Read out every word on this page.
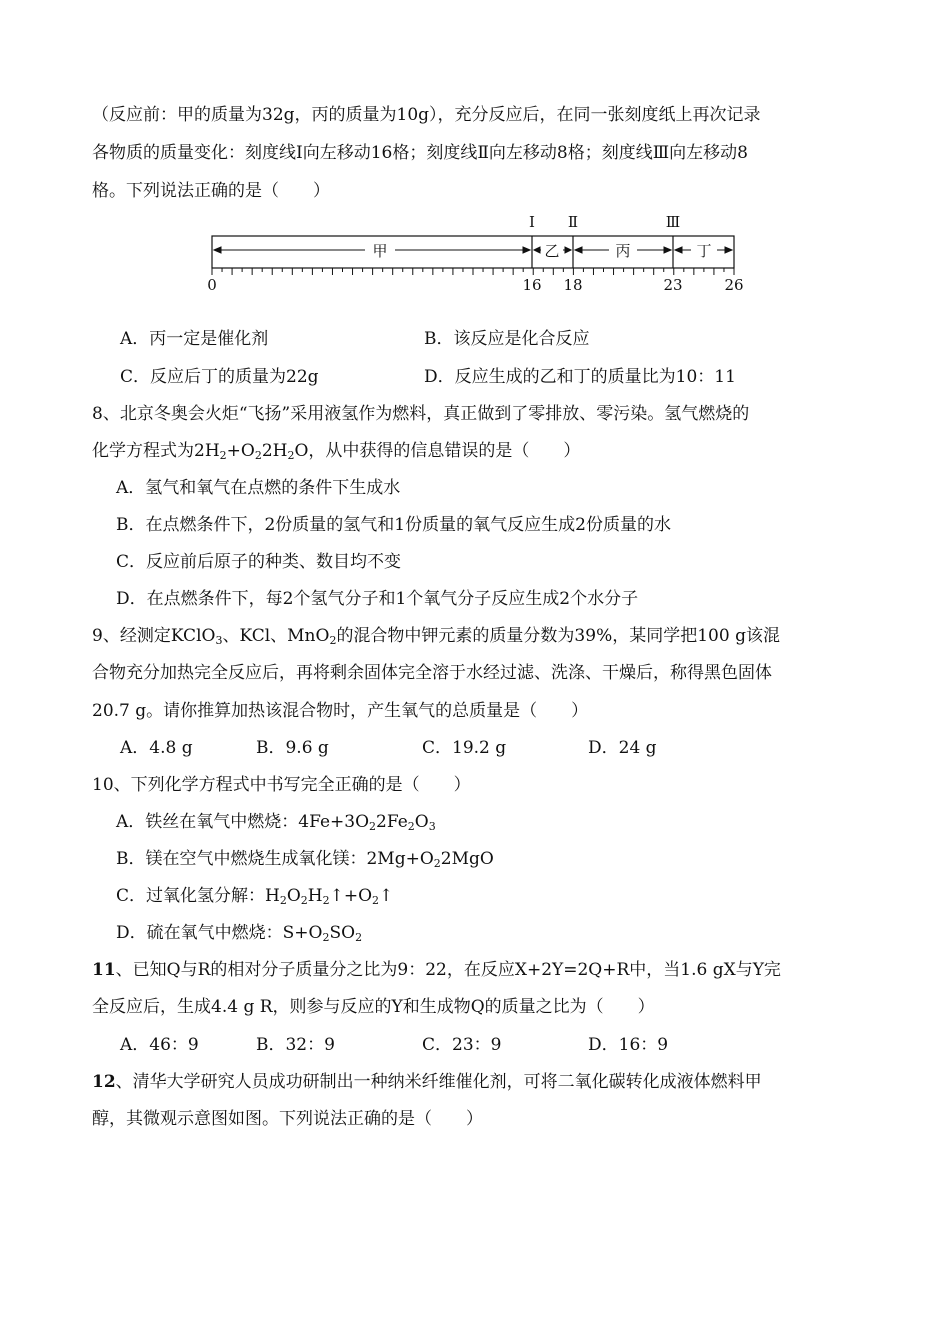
（反应前：甲的质量为32g，丙的质量为10g），充分反应后，在同一张刻度纸上再次记录
各物质的质量变化：刻度线Ⅰ向左移动16格；刻度线Ⅱ向左移动8格；刻度线Ⅲ向左移动8
格。下列说法正确的是（　　）
甲	乙	丙	丁
Ⅰ Ⅱ	Ⅲ
0	16 18	23	26
A．丙一定是催化剂	B．该反应是化合反应
C．反应后丁的质量为22g	D．反应生成的乙和丁的质量比为10：11
8、北京冬奥会火炬“飞扬”采用液氢作为燃料，真正做到了零排放、零污染。氢气燃烧的
化学方程式为$2H_2+O_22H_2O$，从中获得的信息错误的是（　　）
A．氢气和氧气在点燃的条件下生成水
B．在点燃条件下，2份质量的氢气和1份质量的氧气反应生成2份质量的水
C．反应前后原子的种类、数目均不变
D．在点燃条件下，每2个氢气分子和1个氧气分子反应生成2个水分子
9、经测定KClO$_3$、KCl、MnO$_2$的混合物中钾元素的质量分数为39%，某同学把100 g该混
合物充分加热完全反应后，再将剩余固体完全溶于水经过滤、洗涤、干燥后，称得黑色固体
20.7 g。请你推算加热该混合物时，产生氧气的总质量是（　　）
A．4.8 g	B．9.6 g	C．19.2 g	D．24 g
10、下列化学方程式中书写完全正确的是（　　）
A．铁丝在氧气中燃烧：$4Fe+3O_22Fe_2O_3$
B．镁在空气中燃烧生成氧化镁：$2Mg+O_22MgO$
C．过氧化氢分解：$H_2O_2H_2↑+O_2↑$
D．硫在氧气中燃烧：$S+O_2SO_2$
11、已知Q与R的相对分子质量分之比为9：22，在反应X+2Y=2Q+R中，当1.6 gX与Y完
全反应后，生成4.4 g R，则参与反应的Y和生成物Q的质量之比为（　　）
A．46：9	B．32：9	C．23：9	D．16：9
12、清华大学研究人员成功研制出一种纳米纤维催化剂，可将二氧化碳转化成液体燃料甲
醇，其微观示意图如图。下列说法正确的是（　　）
